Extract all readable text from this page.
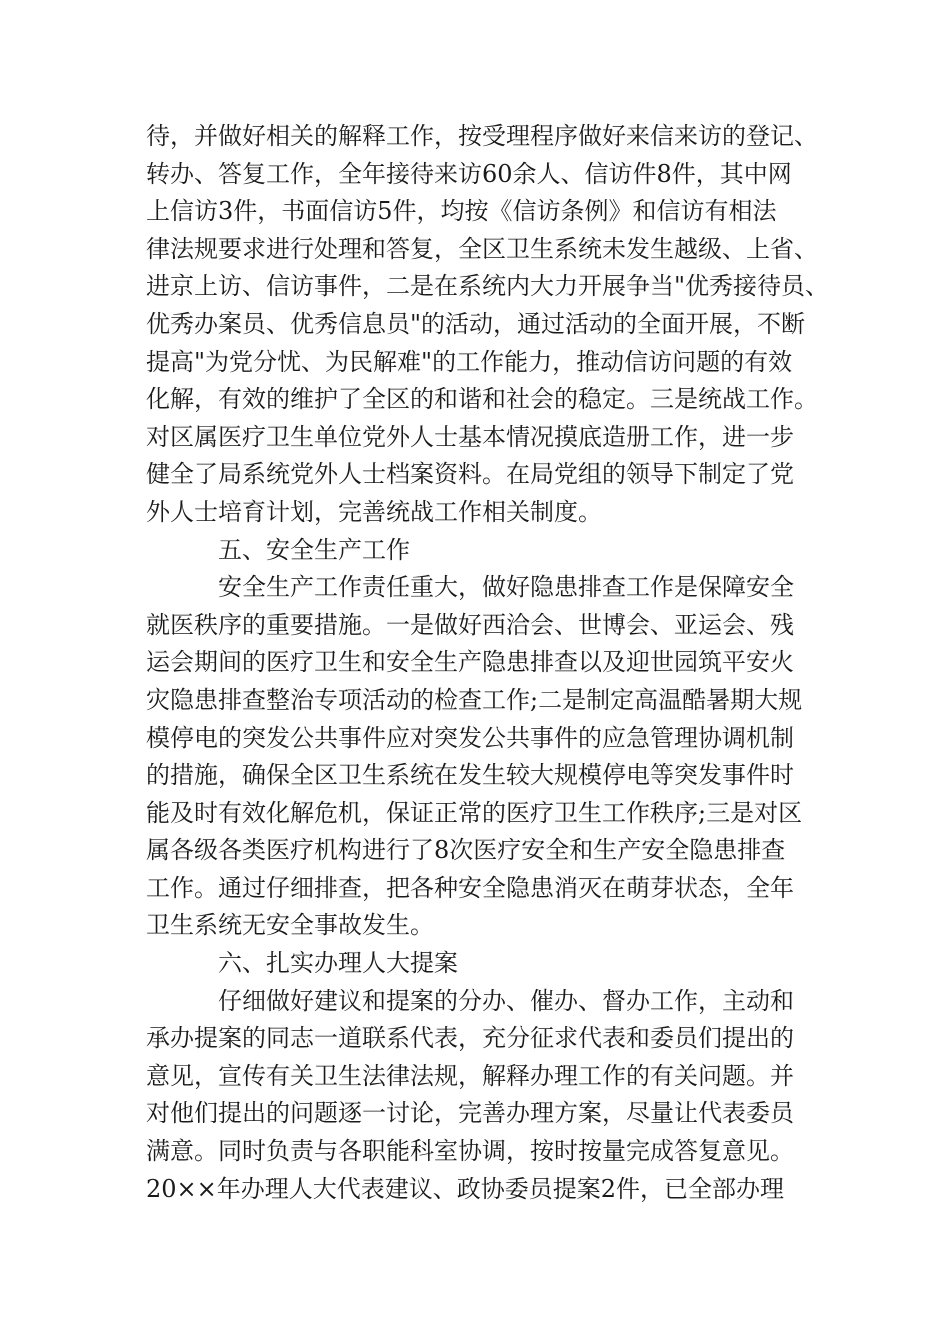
待，并做好相关的解释工作，按受理程序做好来信来访的登记、
转办、答复工作，全年接待来访60余人、信访件8件，其中网
上信访3件，书面信访5件，均按《信访条例》和信访有相法
律法规要求进行处理和答复，全区卫生系统未发生越级、上省、
进京上访、信访事件，二是在系统内大力开展争当"优秀接待员、
优秀办案员、优秀信息员"的活动，通过活动的全面开展，不断
提高"为党分忧、为民解难"的工作能力，推动信访问题的有效
化解，有效的维护了全区的和谐和社会的稳定。三是统战工作。
对区属医疗卫生单位党外人士基本情况摸底造册工作，进一步
健全了局系统党外人士档案资料。在局党组的领导下制定了党
外人士培育计划，完善统战工作相关制度。
五、安全生产工作
安全生产工作责任重大，做好隐患排查工作是保障安全
就医秩序的重要措施。一是做好西洽会、世博会、亚运会、残
运会期间的医疗卫生和安全生产隐患排查以及迎世园筑平安火
灾隐患排查整治专项活动的检查工作;二是制定高温酷暑期大规
模停电的突发公共事件应对突发公共事件的应急管理协调机制
的措施，确保全区卫生系统在发生较大规模停电等突发事件时
能及时有效化解危机，保证正常的医疗卫生工作秩序;三是对区
属各级各类医疗机构进行了8次医疗安全和生产安全隐患排查
工作。通过仔细排查，把各种安全隐患消灭在萌芽状态，全年
卫生系统无安全事故发生。
六、扎实办理人大提案
仔细做好建议和提案的分办、催办、督办工作，主动和
承办提案的同志一道联系代表，充分征求代表和委员们提出的
意见，宣传有关卫生法律法规，解释办理工作的有关问题。并
对他们提出的问题逐一讨论，完善办理方案，尽量让代表委员
满意。同时负责与各职能科室协调，按时按量完成答复意见。
20××年办理人大代表建议、政协委员提案2件，已全部办理
